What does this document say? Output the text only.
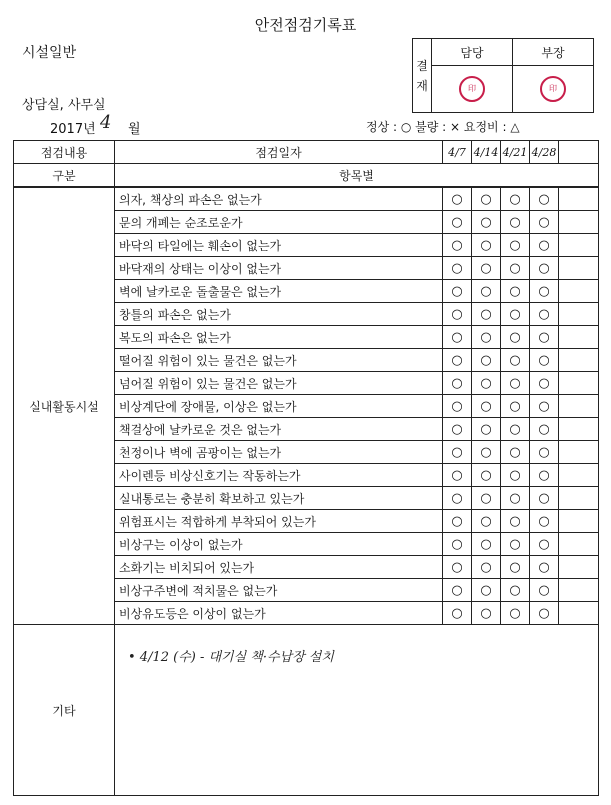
안전점검기록표
시설일반
상담실, 사무실
2017년 4 월	정상 : ○ 불량 : × 요정비 : △
결 재	담당	부장

	印	印
점검내용	점검일자	4/7	4/14	4/21	4/28	
구분	항목별					
실내활동시설	의자, 책상의 파손은 없는가	○	○	○	○	
	문의 개폐는 순조로운가	○	○	○	○	
	바닥의 타일에는 훼손이 없는가	○	○	○	○	
	바닥재의 상태는 이상이 없는가	○	○	○	○	
	벽에 날카로운 돌출물은 없는가	○	○	○	○	
	창틀의 파손은 없는가	○	○	○	○	
	복도의 파손은 없는가	○	○	○	○	
	떨어질 위험이 있는 물건은 없는가	○	○	○	○	
	넘어질 위험이 있는 물건은 없는가	○	○	○	○	
	비상계단에 장애물, 이상은 없는가	○	○	○	○	
	책걸상에 날카로운 것은 없는가	○	○	○	○	
	천정이나 벽에 곰팡이는 없는가	○	○	○	○	
	사이렌등 비상신호기는 작동하는가	○	○	○	○	
	실내통로는 충분히 확보하고 있는가	○	○	○	○	
	위험표시는 적합하게 부착되어 있는가	○	○	○	○	
	비상구는 이상이 없는가	○	○	○	○	
	소화기는 비치되어 있는가	○	○	○	○	
	비상구주변에 적치물은 없는가	○	○	○	○	
	비상유도등은 이상이 없는가	○	○	○	○	
기타						
• 4/12 (수) - 대기실 책·수납장 설치
